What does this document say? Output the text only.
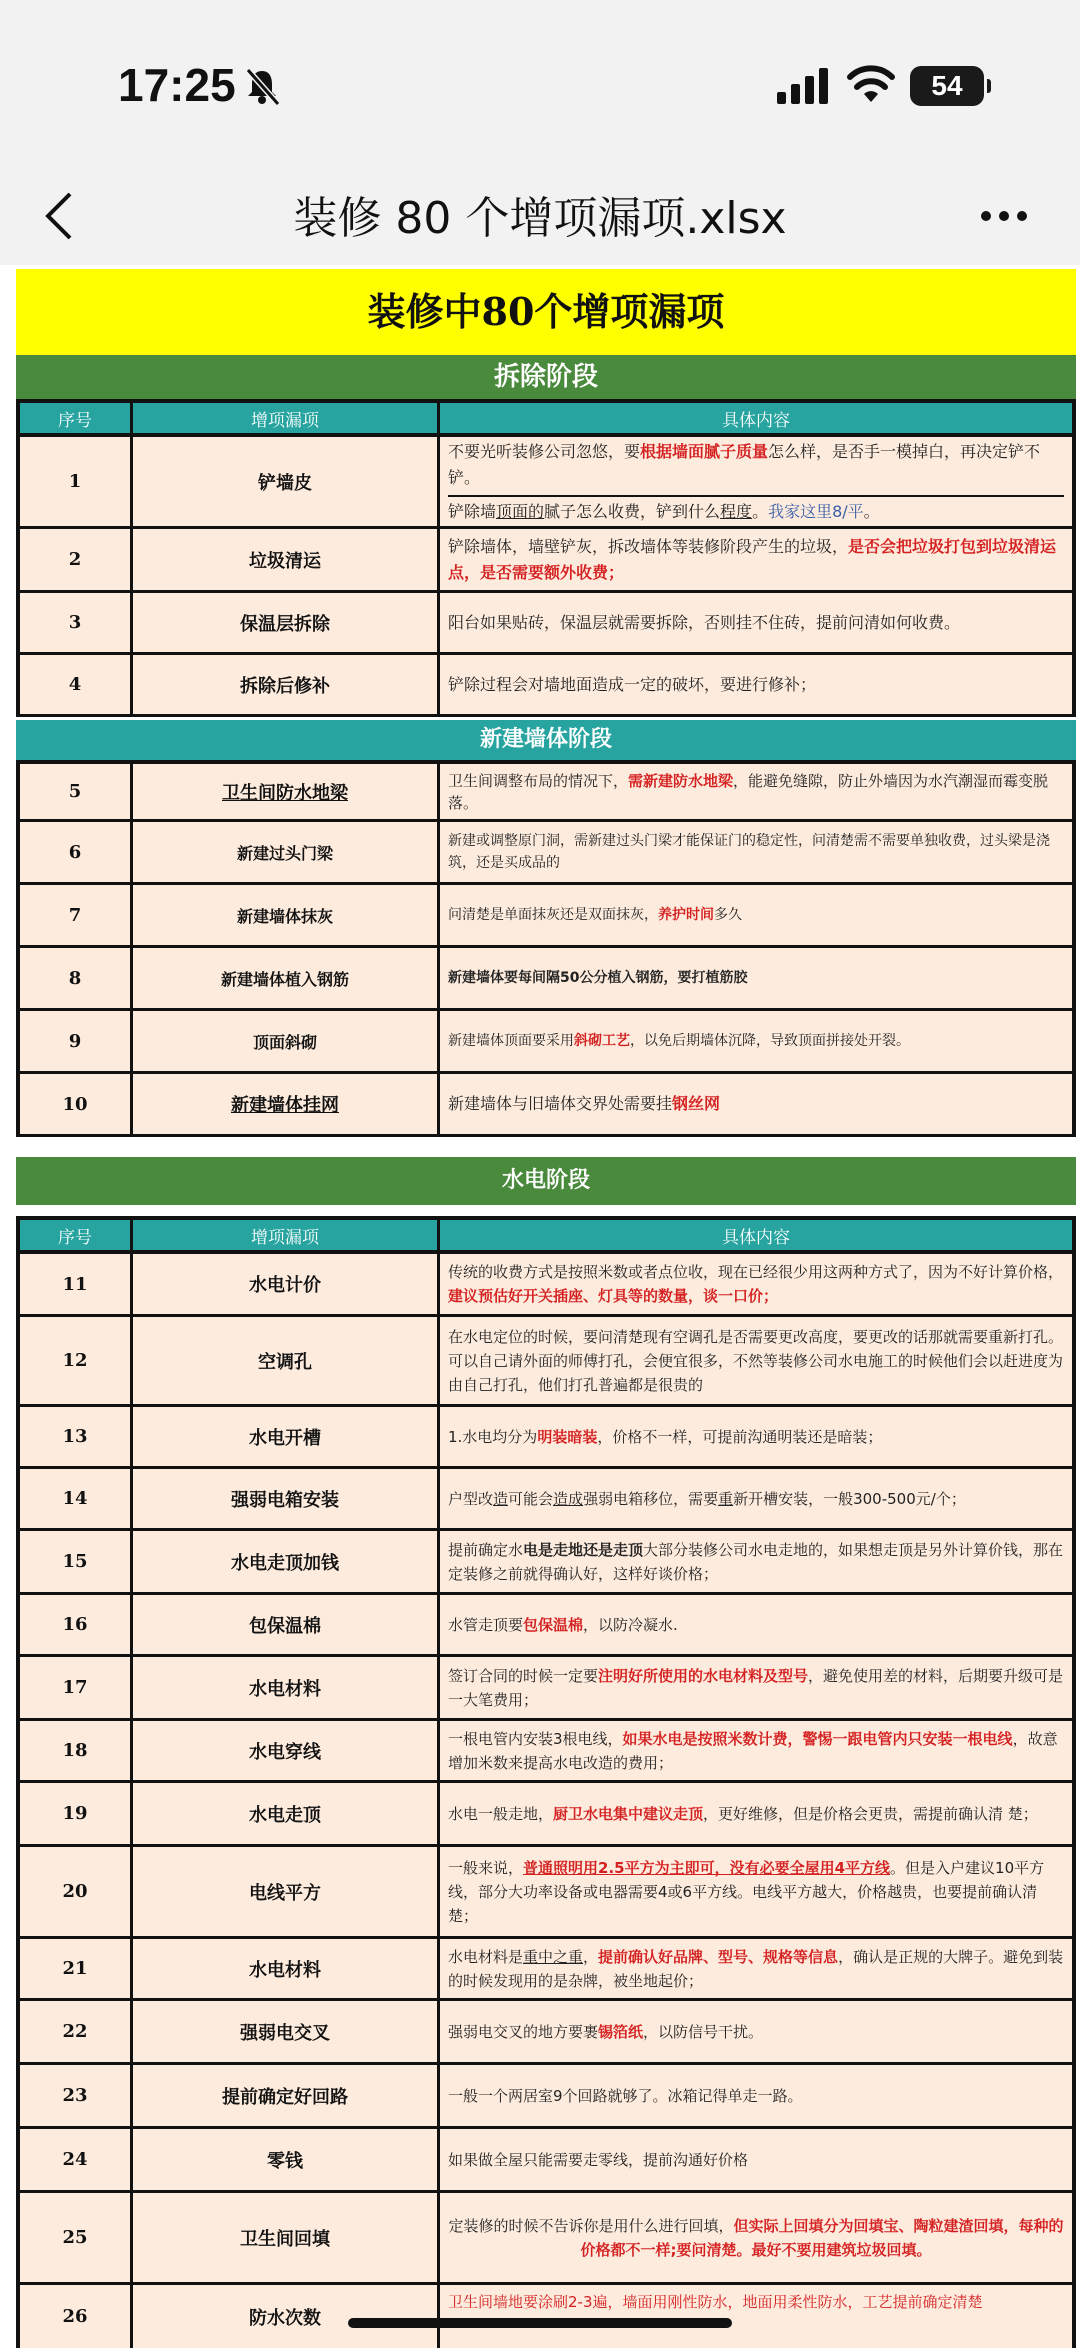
17:25	54
装修 80 个增项漏项.xlsx
装修中80个增项漏项
拆除阶段
序号	增项漏项	具体内容
1	铲墙皮
不要光听装修公司忽悠，要根据墙面腻子质量怎么样，是否手一模掉白，再决定铲不铲。
铲除墙顶面的腻子怎么收费，铲到什么程度。我家这里8/平。
2	垃圾清运
铲除墙体，墙壁铲灰，拆改墙体等装修阶段产生的垃圾，是否会把垃圾打包到垃圾清运点，是否需要额外收费；
3	保温层拆除	阳台如果贴砖，保温层就需要拆除，否则挂不住砖，提前问清如何收费。
4	拆除后修补	铲除过程会对墙地面造成一定的破坏，要进行修补；
新建墙体阶段
5	卫生间防水地梁
卫生间调整布局的情况下，需新建防水地梁，能避免缝隙，防止外墙因为水汽潮湿而霉变脱落。
6	新建过头门梁
新建或调整原门洞，需新建过头门梁才能保证门的稳定性，问清楚需不需要单独收费，过头梁是浇筑，还是买成品的
7	新建墙体抹灰	问清楚是单面抹灰还是双面抹灰，养护时间多久
8	新建墙体植入钢筋	新建墙体要每间隔50公分植入钢筋，要打植筋胶
9	顶面斜砌	新建墙体顶面要采用斜砌工艺，以免后期墙体沉降，导致顶面拼接处开裂。
10	新建墙体挂网	新建墙体与旧墙体交界处需要挂钢丝网
水电阶段
序号	增项漏项	具体内容
11	水电计价
传统的收费方式是按照米数或者点位收，现在已经很少用这两种方式了，因为不好计算价格，建议预估好开关插座、灯具等的数量，谈一口价；
12	空调孔
在水电定位的时候，要问清楚现有空调孔是否需要更改高度，要更改的话那就需要重新打孔。可以自己请外面的师傅打孔，会便宜很多，不然等装修公司水电施工的时候他们会以赶进度为由自己打孔，他们打孔普遍都是很贵的
13	水电开槽	1.水电均分为明装暗装，价格不一样，可提前沟通明装还是暗装；
14	强弱电箱安装	户型改造可能会造成强弱电箱移位，需要重新开槽安装，一般300-500元/个；
15	水电走顶加钱
提前确定水电是走地还是走顶大部分装修公司水电走地的，如果想走顶是另外计算价钱，那在定装修之前就得确认好，这样好谈价格；
16	包保温棉	水管走顶要包保温棉，以防冷凝水.
17	水电材料
签订合同的时候一定要注明好所使用的水电材料及型号，避免使用差的材料，后期要升级可是一大笔费用；
18	水电穿线
一根电管内安装3根电线，如果水电是按照米数计费，警惕一跟电管内只安装一根电线，故意增加米数来提高水电改造的费用；
19	水电走顶	水电一般走地，厨卫水电集中建议走顶，更好维修，但是价格会更贵，需提前确认清 楚；
20	电线平方
一般来说，普通照明用2.5平方为主即可，没有必要全屋用4平方线。但是入户建议10平方线，部分大功率设备或电器需要4或6平方线。电线平方越大，价格越贵，也要提前确认清楚；
21	水电材料
水电材料是重中之重，提前确认好品牌、型号、规格等信息，确认是正规的大牌子。避免到装的时候发现用的是杂牌，被坐地起价；
22	强弱电交叉	强弱电交叉的地方要裹锡箔纸，以防信号干扰。
23	提前确定好回路	一般一个两居室9个回路就够了。冰箱记得单走一路。
24	零钱	如果做全屋只能需要走零线，提前沟通好价格
25	卫生间回填
定装修的时候不告诉你是用什么进行回填，但实际上回填分为回填宝、陶粒建渣回填，每种的价格都不一样;要问清楚。最好不要用建筑垃圾回填。
26	防水次数
卫生间墙地要涂刷2-3遍，墙面用刚性防水，地面用柔性防水，工艺提前确定清楚
